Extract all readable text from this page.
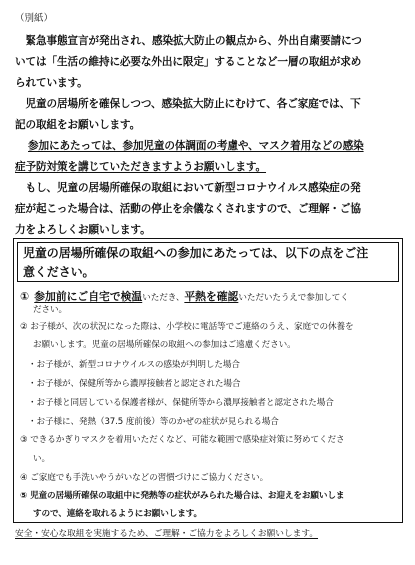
（別紙）
　緊急事態宣言が発出され、感染拡大防止の観点から、外出自粛要請につ
いては「生活の維持に必要な外出に限定」することなど一層の取組が求め
られています。
　児童の居場所を確保しつつ、感染拡大防止にむけて、各ご家庭では、下
記の取組をお願いします。
参加にあたっては、参加児童の体調面の考慮や、マスク着用などの感染
症予防対策を講じていただきますようお願いします。
　もし、児童の居場所確保の取組において新型コロナウイルス感染症の発
症が起こった場合は、活動の停止を余儀なくされますので、ご理解・ご協
力をよろしくお願いします。
児童の居場所確保の取組への参加にあたっては、以下の点をご注
意ください。
① 参加前にご自宅で検温いただき、平熱を確認いただいたうえで参加してく
ださい。
② お子様が、次の状況になった際は、小学校に電話等でご連絡のうえ、家庭での休養を
お願いします。児童の居場所確保の取組への参加はご遠慮ください。
・お子様が、新型コロナウイルスの感染が判明した場合
・お子様が、保健所等から濃厚接触者と認定された場合
・お子様と同居している保護者様が、保健所等から濃厚接触者と認定された場合
・お子様に、発熱（37.5 度前後）等のかぜの症状が見られる場合
③ できるかぎりマスクを着用いただくなど、可能な範囲で感染症対策に努めてくださ
い。
④ ご家庭でも手洗いやうがいなどの習慣づけにご協力ください。
⑤ 児童の居場所確保の取組中に発熱等の症状がみられた場合は、お迎えをお願いしま
すので、連絡を取れるようにお願いします。
安全・安心な取組を実施するため、ご理解・ご協力をよろしくお願いします。
